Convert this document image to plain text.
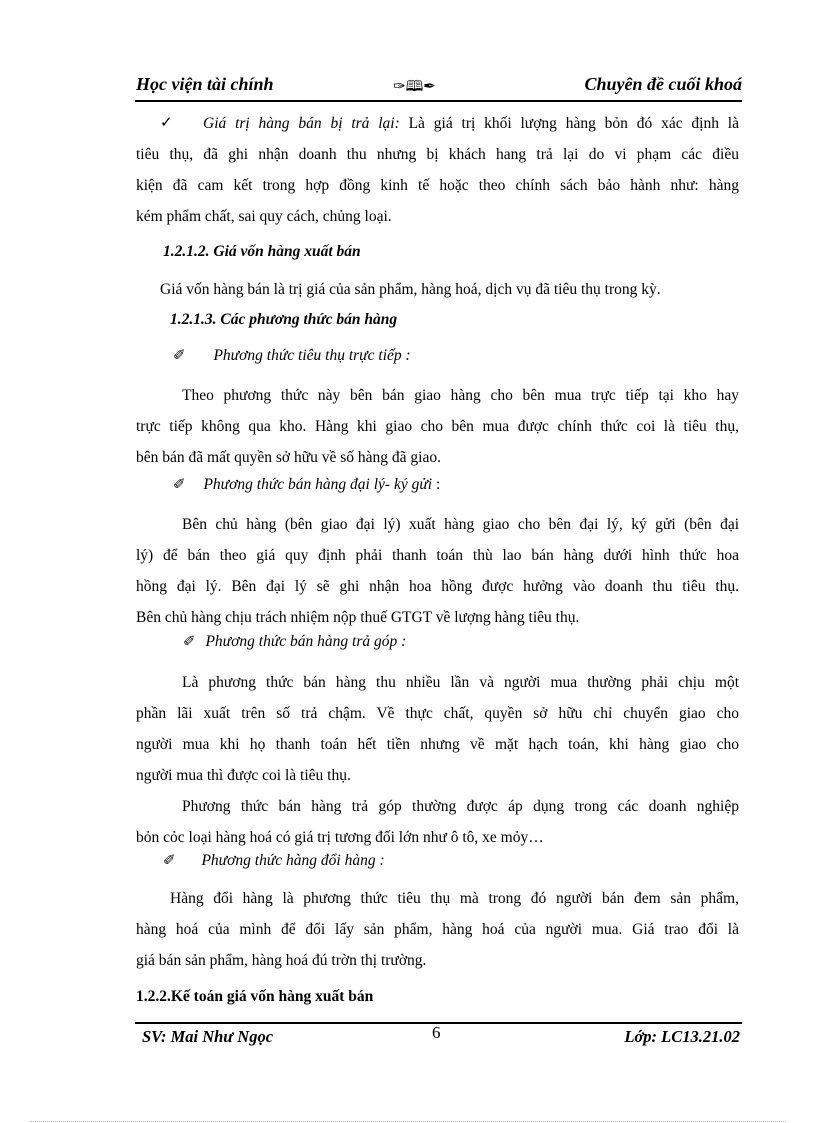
Học viện tài chính	✑🕮✒	Chuyên đề cuối khoá
✓	Giá trị hàng bán bị trả lại: Là giá trị khối lượng hàng bỏn đó xác định là
tiêu thụ, đã ghi nhận doanh thu nhưng bị khách hang trả lại do vi phạm các điều
kiện đã cam kết trong hợp đồng kinh tế hoặc theo chính sách bảo hành như: hàng
kém phẩm chất, sai quy cách, chủng loại.
1.2.1.2. Giá vốn hàng xuất bán
Giá vốn hàng bán là trị giá của sản phẩm, hàng hoá, dịch vụ đã tiêu thụ trong kỳ.
1.2.1.3. Các phương thức bán hàng
✐ Phương thức tiêu thụ trực tiếp :
Theo phương thức này bên bán giao hàng cho bên mua trực tiếp tại kho hay
trực tiếp không qua kho. Hàng khi giao cho bên mua được chính thức coi là tiêu thụ,
bên bán đã mất quyền sở hữu về số hàng đã giao.
✐ Phương thức bán hàng đại lý- ký gửi :
Bên chủ hàng (bên giao đại lý) xuất hàng giao cho bên đại lý, ký gửi (bên đại
lý) để bán theo giá quy định phải thanh toán thù lao bán hàng dưới hình thức hoa
hồng đại lý. Bên đại lý sẽ ghi nhận hoa hồng được hưởng vào doanh thu tiêu thụ.
Bên chủ hàng chịu trách nhiệm nộp thuế GTGT về lượng hàng tiêu thụ.
✐ Phương thức bán hàng trả góp :
Là phương thức bán hàng thu nhiều lần và người mua thường phải chịu một
phần lãi xuất trên số trả chậm. Về thực chất, quyền sở hữu chỉ chuyển giao cho
người mua khi họ thanh toán hết tiền nhưng về mặt hạch toán, khi hàng giao cho
người mua thì được coi là tiêu thụ.
Phương thức bán hàng trả góp thường được áp dụng trong các doanh nghiệp
bỏn cỏc loại hàng hoá có giá trị tương đối lớn như ô tô, xe mỏy…
✐ Phương thức hàng đổi hàng :
Hàng đổi hàng là phương thức tiêu thụ mà trong đó người bán đem sản phẩm,
hàng hoá của mình để đổi lấy sản phẩm, hàng hoá của người mua. Giá trao đổi là
giá bán sản phẩm, hàng hoá đú trờn thị trường.
1.2.2.Kế toán giá vốn hàng xuất bán
SV: Mai Như Ngọc	6	Lớp: LC13.21.02
